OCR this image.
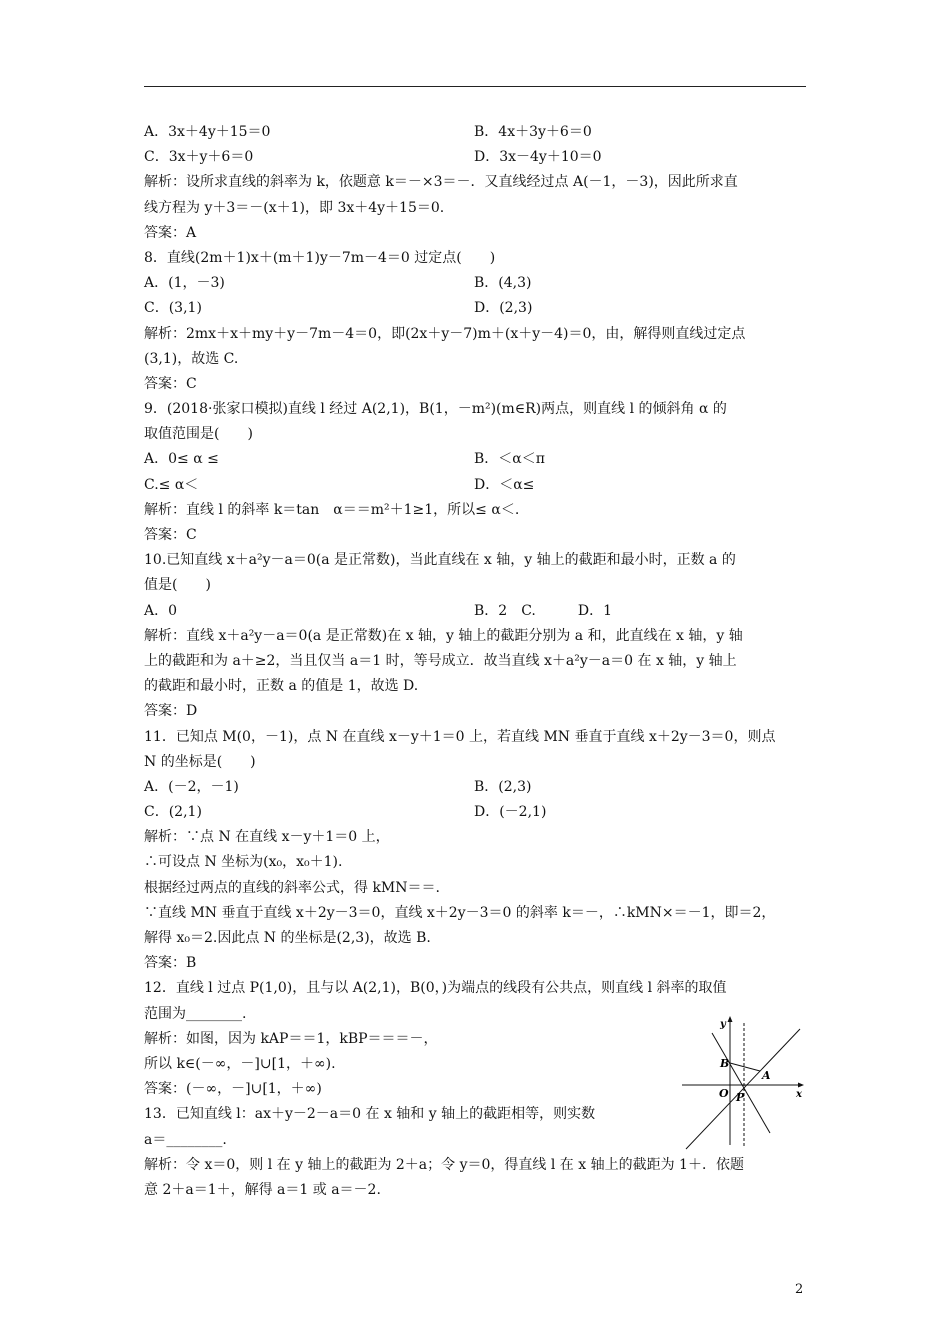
A．3x＋4y＋15＝0	B．4x＋3y＋6＝0
C．3x＋y＋6＝0	D．3x－4y＋10＝0
解析：设所求直线的斜率为 k，依题意 k＝－×3＝－．又直线经过点 A(－1，－3)，因此所求直
线方程为 y＋3＝－(x＋1)，即 3x＋4y＋15＝0.
答案：A
8．直线(2m＋1)x＋(m＋1)y－7m－4＝0 过定点(　　)
A．(1，－3)	B．(4,3)
C．(3,1)	D．(2,3)
解析：2mx＋x＋my＋y－7m－4＝0，即(2x＋y－7)m＋(x＋y－4)＝0，由，解得则直线过定点
(3,1)，故选 C.
答案：C
9．(2018·张家口模拟)直线 l 经过 A(2,1)，B(1，－m²)(m∈R)两点，则直线 l 的倾斜角 α 的
取值范围是(　　)
A．0≤ α ≤	B．＜α＜π
C.≤ α＜	D．＜α≤
解析：直线 l 的斜率 k＝tan　α＝＝m²＋1≥1，所以≤ α＜.
答案：C
10.已知直线 x＋a²y－a＝0(a 是正常数)，当此直线在 x 轴，y 轴上的截距和最小时，正数 a 的
值是(　　)
A．0	B．2　C.　　　D．1
解析：直线 x＋a²y－a＝0(a 是正常数)在 x 轴，y 轴上的截距分别为 a 和，此直线在 x 轴，y 轴
上的截距和为 a＋≥2，当且仅当 a＝1 时，等号成立．故当直线 x＋a²y－a＝0 在 x 轴，y 轴上
的截距和最小时，正数 a 的值是 1，故选 D.
答案：D
11．已知点 M(0，－1)，点 N 在直线 x－y＋1＝0 上，若直线 MN 垂直于直线 x＋2y－3＝0，则点
N 的坐标是(　　)
A．(－2，－1)	B．(2,3)
C．(2,1)	D．(－2,1)
解析：∵点 N 在直线 x－y＋1＝0 上，
∴可设点 N 坐标为(x₀，x₀＋1).
根据经过两点的直线的斜率公式，得 kMN＝＝.
∵直线 MN 垂直于直线 x＋2y－3＝0，直线 x＋2y－3＝0 的斜率 k＝－，∴kMN×＝－1，即＝2，
解得 x₀＝2.因此点 N 的坐标是(2,3)，故选 B.
答案：B
12．直线 l 过点 P(1,0)，且与以 A(2,1)，B(0，)为端点的线段有公共点，则直线 l 斜率的取值
范围为________.
解析：如图，因为 kAP＝＝1，kBP＝＝＝－，
所以 k∈(－∞，－]∪[1，＋∞).
答案：(－∞，－]∪[1，＋∞)
13．已知直线 l：ax＋y－2－a＝0 在 x 轴和 y 轴上的截距相等，则实数
a＝________.
解析：令 x＝0，则 l 在 y 轴上的截距为 2＋a；令 y＝0，得直线 l 在 x 轴上的截距为 1＋．依题
意 2＋a＝1＋，解得 a＝1 或 a＝－2.
y
x
B
A
O P
2
